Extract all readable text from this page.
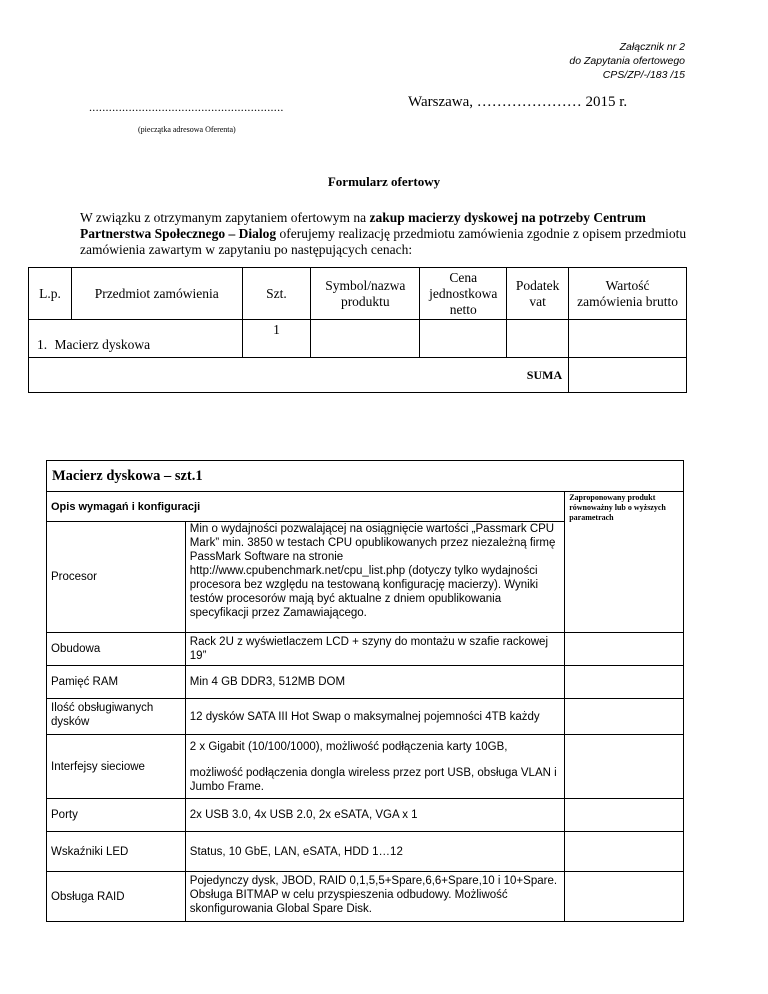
Załącznik nr 2
do Zapytania ofertowego
CPS/ZP/-/183 /15
...........................................................	Warszawa, ………………… 2015 r.
(pieczątka adresowa Oferenta)
Formularz ofertowy
W związku z otrzymanym zapytaniem ofertowym na zakup macierzy dyskowej na potrzeby Centrum Partnerstwa Społecznego – Dialog oferujemy realizację przedmiotu zamówienia zgodnie z opisem przedmiotu zamówienia zawartym w zapytaniu po następujących cenach:
L.p.	Przedmiot zamówienia	Szt.	Symbol/nazwa produktu	Cena jednostkowa netto	Podatek vat	Wartość zamówienia brutto
1. Macierz dyskowa		1				
SUMA						
Macierz dyskowa – szt.1		
Opis wymagań i konfiguracji		Zaproponowany produkt równoważny lub o wyższych parametrach
Procesor	Min o wydajności pozwalającej na osiągnięcie wartości „Passmark CPU Mark” min. 3850 w testach CPU opublikowanych przez niezależną firmę PassMark Software na stronie http://www.cpubenchmark.net/cpu_list.php (dotyczy tylko wydajności procesora bez względu na testowaną konfigurację macierzy). Wyniki testów procesorów mają być aktualne z dniem opublikowania specyfikacji przez Zamawiającego.	
Obudowa	Rack 2U z wyświetlaczem LCD + szyny do montażu w szafie rackowej 19”	
Pamięć RAM	Min 4 GB DDR3, 512MB DOM	
Ilość obsługiwanych dysków	12 dysków SATA III Hot Swap o maksymalnej pojemności 4TB każdy	
Interfejsy sieciowe	2 x Gigabit (10/100/1000), możliwość podłączenia karty 10GB,
możliwość podłączenia dongla wireless przez port USB, obsługa VLAN i Jumbo Frame.	

Porty	2x USB 3.0, 4x USB 2.0, 2x eSATA, VGA x 1	
Wskaźniki LED	Status, 10 GbE, LAN, eSATA, HDD 1…12	
Obsługa RAID	Pojedynczy dysk, JBOD, RAID 0,1,5,5+Spare,6,6+Spare,10 i 10+Spare. Obsługa BITMAP w celu przyspieszenia odbudowy. Możliwość skonfigurowania Global Spare Disk.	
